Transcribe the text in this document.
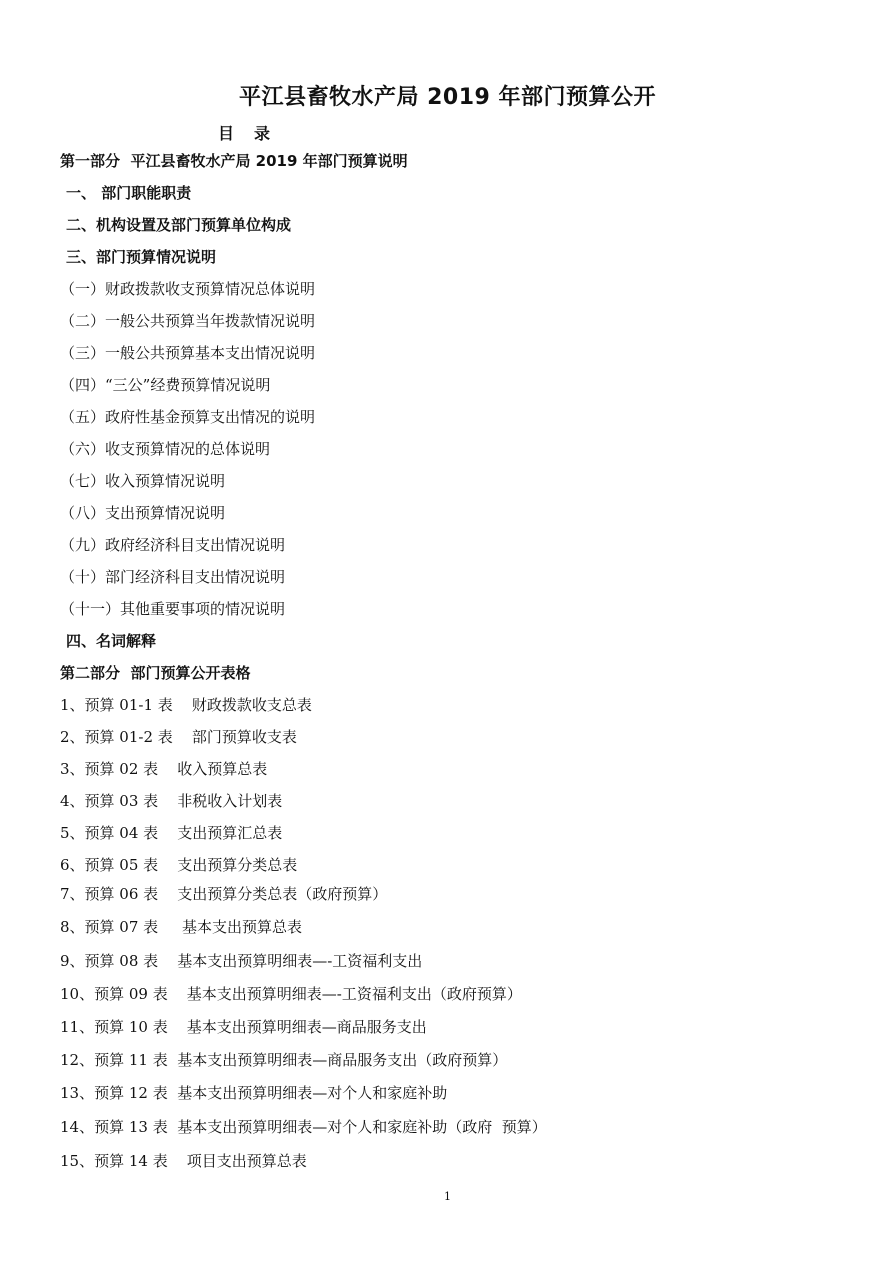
平江县畜牧水产局 2019 年部门预算公开
目　录
第一部分  平江县畜牧水产局 2019 年部门预算说明
一、 部门职能职责
二、机构设置及部门预算单位构成
三、部门预算情况说明
（一）财政拨款收支预算情况总体说明
（二）一般公共预算当年拨款情况说明
（三）一般公共预算基本支出情况说明
（四）“三公”经费预算情况说明
（五）政府性基金预算支出情况的说明
（六）收支预算情况的总体说明
（七）收入预算情况说明
（八）支出预算情况说明
（九）政府经济科目支出情况说明
（十）部门经济科目支出情况说明
（十一）其他重要事项的情况说明
四、名词解释
第二部分  部门预算公开表格
1、预算 01-1 表    财政拨款收支总表
2、预算 01-2 表    部门预算收支表
3、预算 02 表    收入预算总表
4、预算 03 表    非税收入计划表
5、预算 04 表    支出预算汇总表
6、预算 05 表    支出预算分类总表
7、预算 06 表    支出预算分类总表（政府预算）
8、预算 07 表     基本支出预算总表
9、预算 08 表    基本支出预算明细表—-工资福利支出
10、预算 09 表    基本支出预算明细表—-工资福利支出（政府预算）
11、预算 10 表    基本支出预算明细表—商品服务支出
12、预算 11 表  基本支出预算明细表—商品服务支出（政府预算）
13、预算 12 表  基本支出预算明细表—对个人和家庭补助
14、预算 13 表  基本支出预算明细表—对个人和家庭补助（政府  预算）
15、预算 14 表    项目支出预算总表
1
